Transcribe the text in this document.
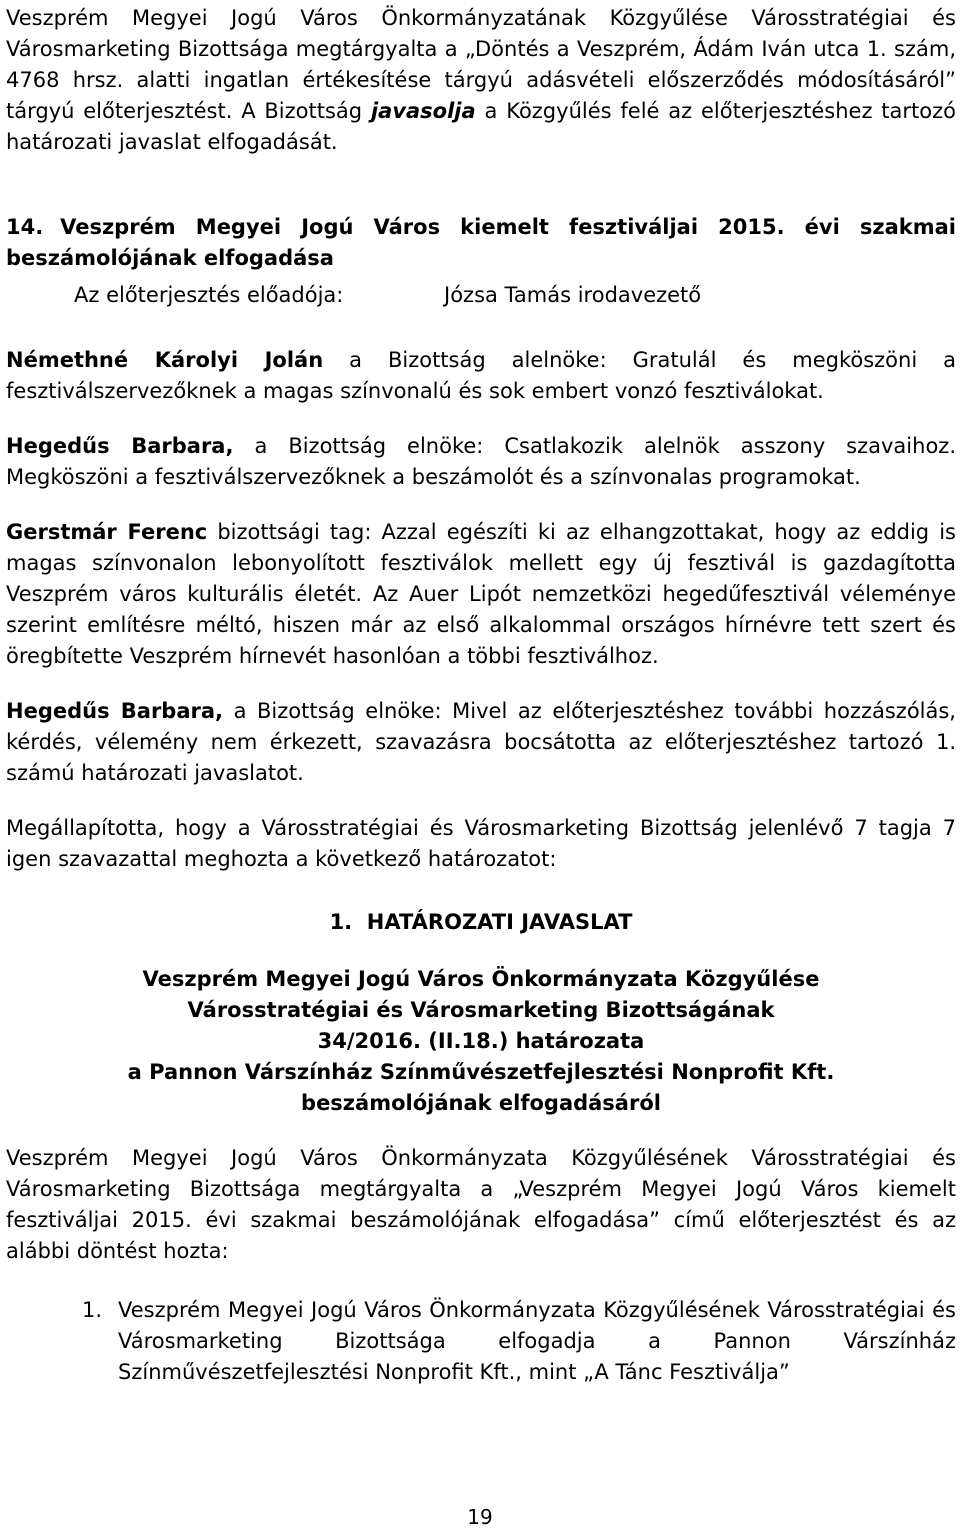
Veszprém Megyei Jogú Város Önkormányzatának Közgyűlése Városstratégiai és Városmarketing Bizottsága megtárgyalta a „Döntés a Veszprém, Ádám Iván utca 1. szám, 4768 hrsz. alatti ingatlan értékesítése tárgyú adásvételi előszerződés módosításáról” tárgyú előterjesztést. A Bizottság javasolja a Közgyűlés felé az előterjesztéshez tartozó határozati javaslat elfogadását.

14. Veszprém Megyei Jogú Város kiemelt fesztiváljai 2015. évi szakmai beszámolójának elfogadása

Az előterjesztés előadója:	Józsa Tamás irodavezető

Némethné Károlyi Jolán a Bizottság alelnöke: Gratulál és megköszöni a fesztiválszervezőknek a magas színvonalú és sok embert vonzó fesztiválokat.

Hegedűs Barbara, a Bizottság elnöke: Csatlakozik alelnök asszony szavaihoz. Megköszöni a fesztiválszervezőknek a beszámolót és a színvonalas programokat.

Gerstmár Ferenc bizottsági tag: Azzal egészíti ki az elhangzottakat, hogy az eddig is magas színvonalon lebonyolított fesztiválok mellett egy új fesztivál is gazdagította Veszprém város kulturális életét. Az Auer Lipót nemzetközi hegedűfesztivál véleménye szerint említésre méltó, hiszen már az első alkalommal országos hírnévre tett szert és öregbítette Veszprém hírnevét hasonlóan a többi fesztiválhoz.

Hegedűs Barbara, a Bizottság elnöke: Mivel az előterjesztéshez további hozzászólás, kérdés, vélemény nem érkezett, szavazásra bocsátotta az előterjesztéshez tartozó 1. számú határozati javaslatot.

Megállapította, hogy a Városstratégiai és Városmarketing Bizottság jelenlévő 7 tagja 7 igen szavazattal meghozta a következő határozatot:

1. HATÁROZATI JAVASLAT

Veszprém Megyei Jogú Város Önkormányzata Közgyűlése
Városstratégiai és Városmarketing Bizottságának
34/2016. (II.18.) határozata
a Pannon Várszínház Színművészetfejlesztési Nonprofit Kft.
beszámolójának elfogadásáról

Veszprém Megyei Jogú Város Önkormányzata Közgyűlésének Városstratégiai és Városmarketing Bizottsága megtárgyalta a „Veszprém Megyei Jogú Város kiemelt fesztiváljai 2015. évi szakmai beszámolójának elfogadása” című előterjesztést és az alábbi döntést hozta:

1. Veszprém Megyei Jogú Város Önkormányzata Közgyűlésének Városstratégiai és Városmarketing Bizottsága elfogadja a Pannon Várszínház Színművészetfejlesztési Nonprofit Kft., mint „A Tánc Fesztiválja”
19
